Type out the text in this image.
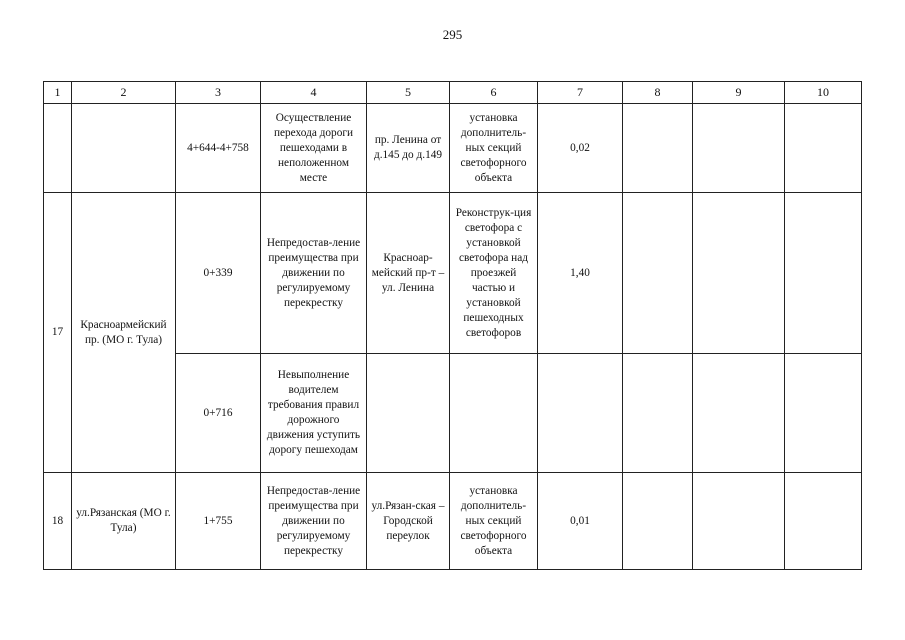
295
1	2	3	4	5	6	7	8	9	10
		4+644-4+758	Осуществление перехода дороги пешеходами в неположенном месте	пр. Ленина от д.145 до д.149	установка дополнитель-ных секций светофорного объекта	0,02			
17	Красноармейский пр. (МО г. Тула)	0+339	Непредостав-ление преимущества при движении по регулируемому перекрестку	Красноар-мейский пр-т – ул. Ленина	Реконструк-ция светофора с установкой светофора над проезжей частью и установкой пешеходных светофоров	1,40			
		0+716	Невыполнение водителем требования правил дорожного движения уступить дорогу пешеходам						
18	ул.Рязанская (МО г. Тула)	1+755	Непредостав-ление преимущества при движении по регулируемому перекрестку	ул.Рязан-ская – Городской переулок	установка дополнитель-ных секций светофорного объекта	0,01			
